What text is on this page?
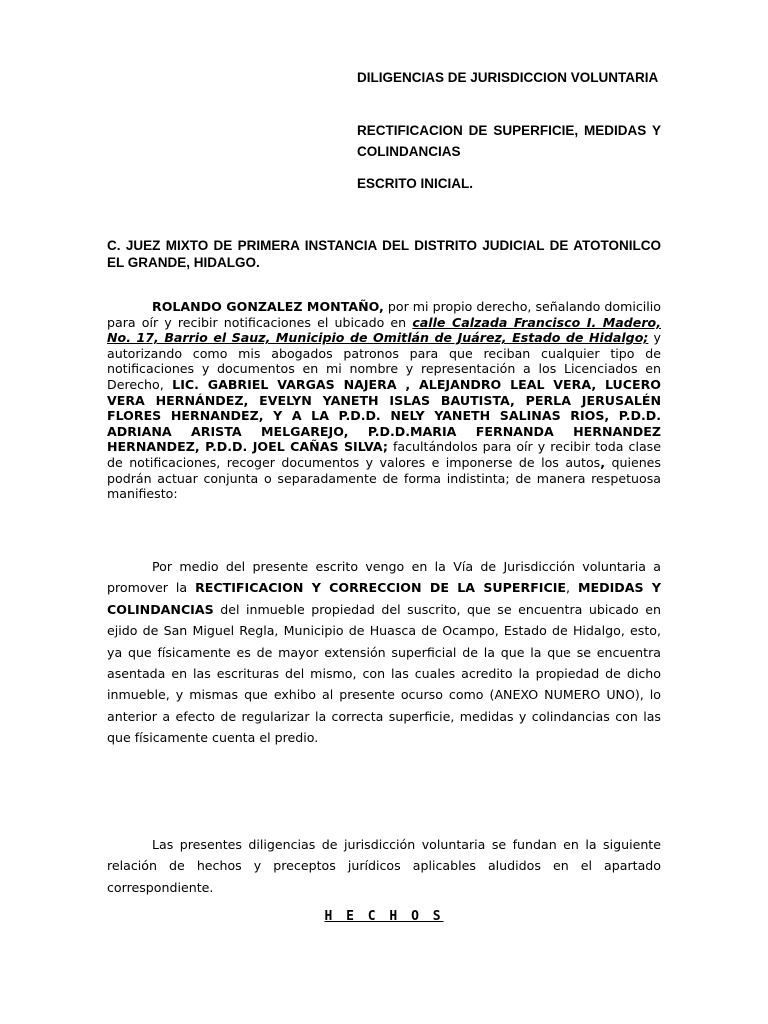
DILIGENCIAS DE JURISDICCION VOLUNTARIA
RECTIFICACION DE SUPERFICIE, MEDIDAS Y COLINDANCIAS
ESCRITO INICIAL.
C. JUEZ MIXTO DE PRIMERA INSTANCIA DEL DISTRITO JUDICIAL DE ATOTONILCO EL GRANDE, HIDALGO.

ROLANDO GONZALEZ MONTAÑO, por mi propio derecho, señalando domicilio para oír y recibir notificaciones el ubicado en calle Calzada Francisco I. Madero, No. 17, Barrio el Sauz, Municipio de Omitlán de Juárez, Estado de Hidalgo; y autorizando como mis abogados patronos para que reciban cualquier tipo de notificaciones y documentos en mi nombre y representación a los Licenciados en Derecho, LIC. GABRIEL VARGAS NAJERA , ALEJANDRO LEAL VERA, LUCERO VERA HERNÁNDEZ, EVELYN YANETH ISLAS BAUTISTA, PERLA JERUSALÉN FLORES HERNANDEZ, Y A LA P.D.D. NELY YANETH SALINAS RIOS, P.D.D. ADRIANA ARISTA MELGAREJO, P.D.D.MARIA FERNANDA HERNANDEZ HERNANDEZ, P.D.D. JOEL CAÑAS SILVA; facultándolos para oír y recibir toda clase de notificaciones, recoger documentos y valores e imponerse de los autos, quienes podrán actuar conjunta o separadamente de forma indistinta; de manera respetuosa manifiesto:

Por medio del presente escrito vengo en la Vía de Jurisdicción voluntaria a promover la RECTIFICACION Y CORRECCION DE LA SUPERFICIE, MEDIDAS Y COLINDANCIAS del inmueble propiedad del suscrito, que se encuentra ubicado en ejido de San Miguel Regla, Municipio de Huasca de Ocampo, Estado de Hidalgo, esto, ya que físicamente es de mayor extensión superficial de la que la que se encuentra asentada en las escrituras del mismo, con las cuales acredito la propiedad de dicho inmueble, y mismas que exhibo al presente ocurso como (ANEXO NUMERO UNO), lo anterior a efecto de regularizar la correcta superficie, medidas y colindancias con las que físicamente cuenta el predio.

Las presentes diligencias de jurisdicción voluntaria se fundan en la siguiente relación de hechos y preceptos jurídicos aplicables aludidos en el apartado correspondiente.

H E C H O S
